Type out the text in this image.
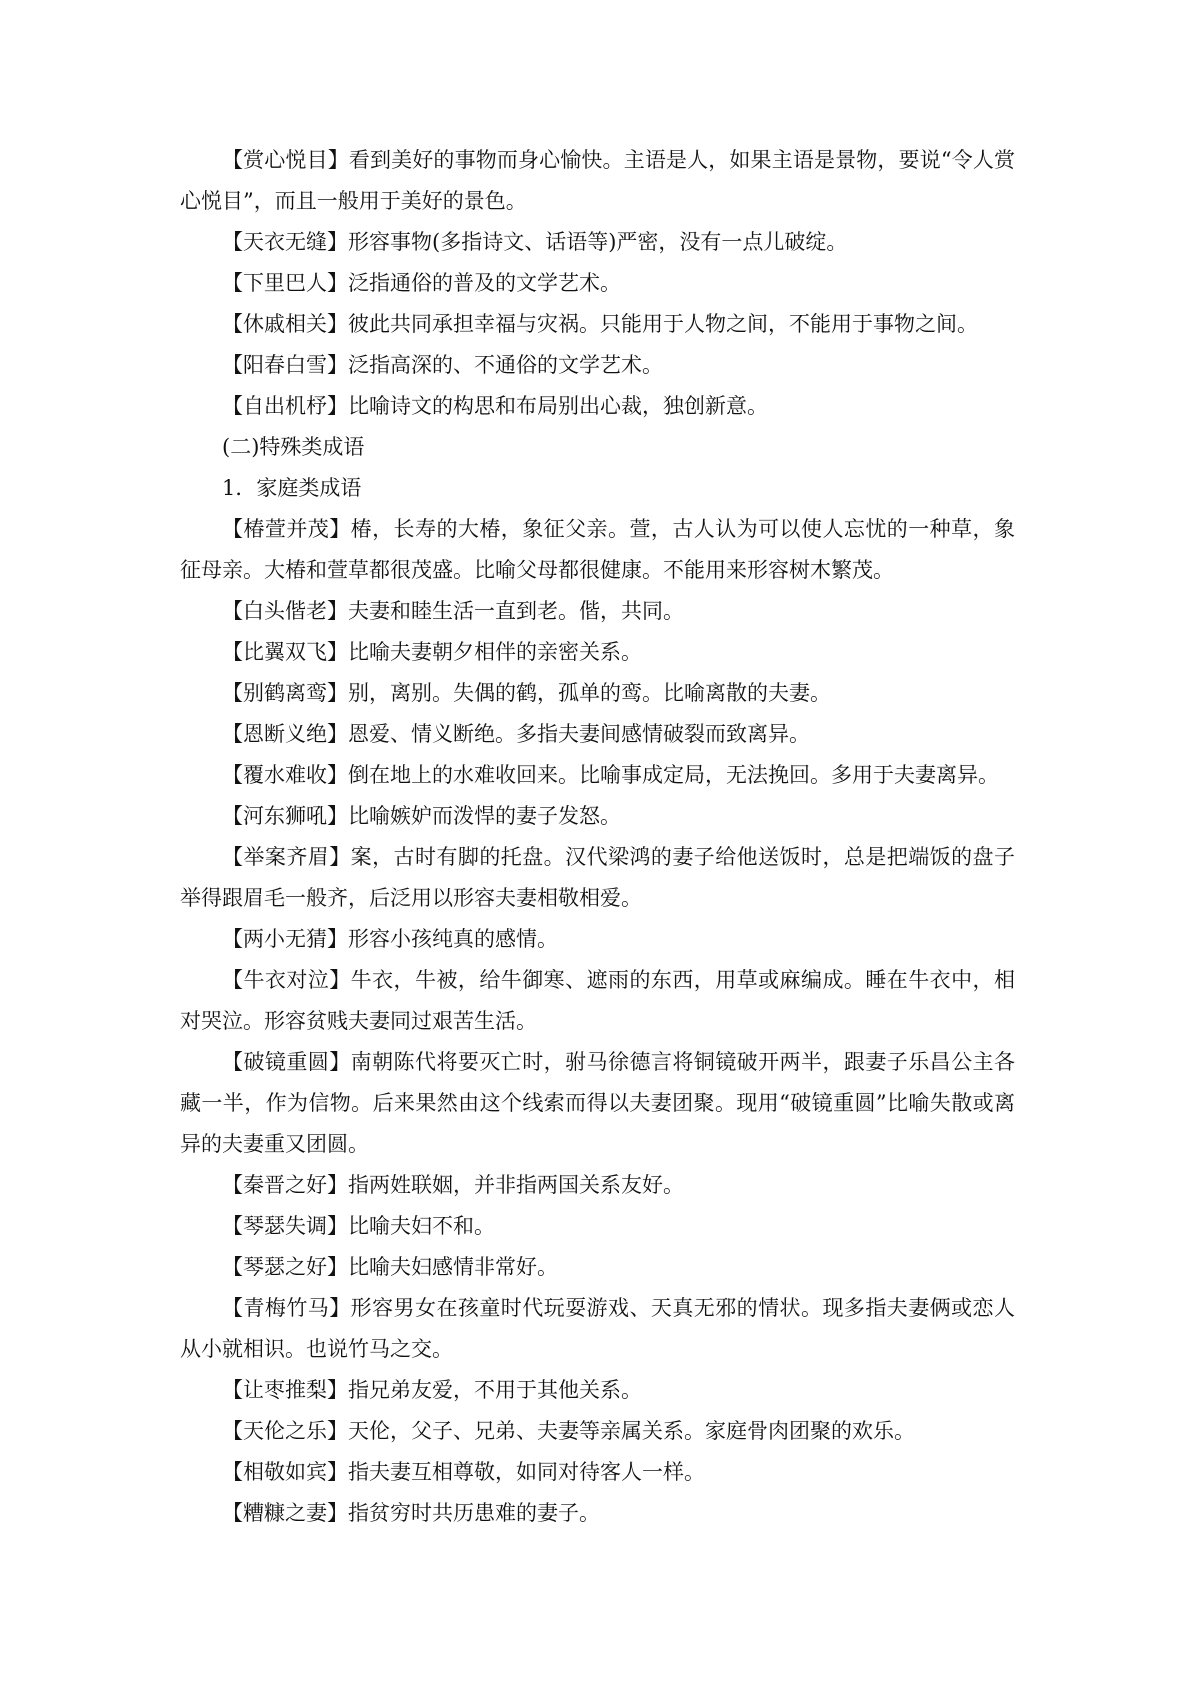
【赏心悦目】看到美好的事物而身心愉快。主语是人，如果主语是景物，要说“令人赏心悦目”，而且一般用于美好的景色。

【天衣无缝】形容事物(多指诗文、话语等)严密，没有一点儿破绽。

【下里巴人】泛指通俗的普及的文学艺术。

【休戚相关】彼此共同承担幸福与灾祸。只能用于人物之间，不能用于事物之间。

【阳春白雪】泛指高深的、不通俗的文学艺术。

【自出机杼】比喻诗文的构思和布局别出心裁，独创新意。

(二)特殊类成语

1．家庭类成语

【椿萱并茂】椿，长寿的大椿，象征父亲。萱，古人认为可以使人忘忧的一种草，象征母亲。大椿和萱草都很茂盛。比喻父母都很健康。不能用来形容树木繁茂。

【白头偕老】夫妻和睦生活一直到老。偕，共同。

【比翼双飞】比喻夫妻朝夕相伴的亲密关系。

【别鹤离鸾】别，离别。失偶的鹤，孤单的鸾。比喻离散的夫妻。

【恩断义绝】恩爱、情义断绝。多指夫妻间感情破裂而致离异。

【覆水难收】倒在地上的水难收回来。比喻事成定局，无法挽回。多用于夫妻离异。

【河东狮吼】比喻嫉妒而泼悍的妻子发怒。

【举案齐眉】案，古时有脚的托盘。汉代梁鸿的妻子给他送饭时，总是把端饭的盘子举得跟眉毛一般齐，后泛用以形容夫妻相敬相爱。

【两小无猜】形容小孩纯真的感情。

【牛衣对泣】牛衣，牛被，给牛御寒、遮雨的东西，用草或麻编成。睡在牛衣中，相对哭泣。形容贫贱夫妻同过艰苦生活。

【破镜重圆】南朝陈代将要灭亡时，驸马徐德言将铜镜破开两半，跟妻子乐昌公主各藏一半，作为信物。后来果然由这个线索而得以夫妻团聚。现用“破镜重圆”比喻失散或离异的夫妻重又团圆。

【秦晋之好】指两姓联姻，并非指两国关系友好。

【琴瑟失调】比喻夫妇不和。

【琴瑟之好】比喻夫妇感情非常好。

【青梅竹马】形容男女在孩童时代玩耍游戏、天真无邪的情状。现多指夫妻俩或恋人从小就相识。也说竹马之交。

【让枣推梨】指兄弟友爱，不用于其他关系。

【天伦之乐】天伦，父子、兄弟、夫妻等亲属关系。家庭骨肉团聚的欢乐。

【相敬如宾】指夫妻互相尊敬，如同对待客人一样。

【糟糠之妻】指贫穷时共历患难的妻子。
